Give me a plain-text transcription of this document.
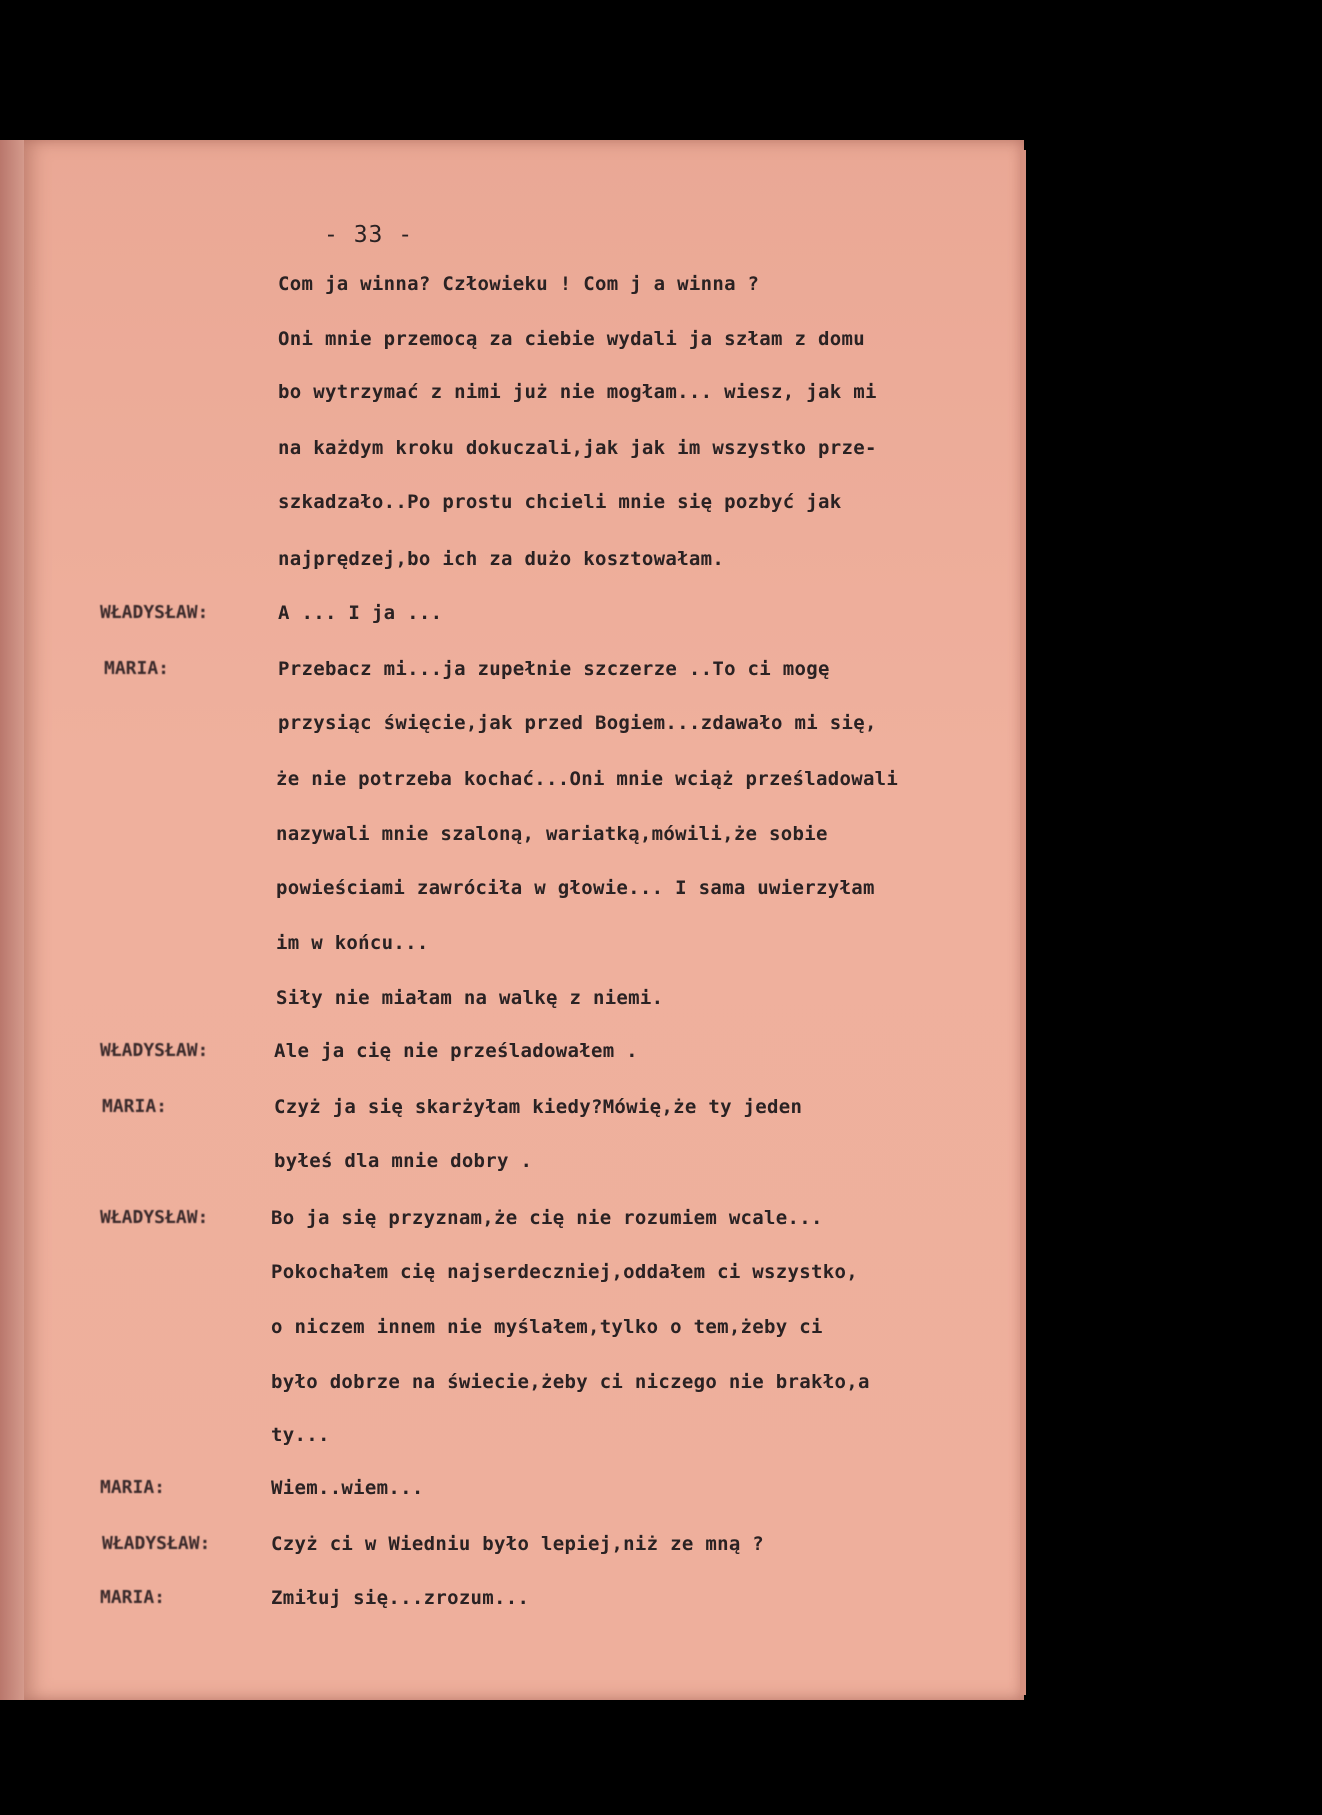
- 33 -
Com ja winna? Człowieku ! Com j a winna ?
Oni mnie przemocą za ciebie wydali ja szłam z domu
bo wytrzymać z nimi już nie mogłam... wiesz, jak mi
na każdym kroku dokuczali,jak jak im wszystko prze-
szkadzało..Po prostu chcieli mnie się pozbyć jak
najprędzej,bo ich za dużo kosztowałam.
WŁADYSŁAW:	A ... I ja ...
MARIA:	Przebacz mi...ja zupełnie szczerze ..To ci mogę
przysiąc święcie,jak przed Bogiem...zdawało mi się,
że nie potrzeba kochać...Oni mnie wciąż prześladowali
nazywali mnie szaloną, wariatką,mówili,że sobie
powieściami zawróciła w głowie... I sama uwierzyłam
im w końcu...
Siły nie miałam na walkę z niemi.
WŁADYSŁAW:	Ale ja cię nie prześladowałem .
MARIA:	Czyż ja się skarżyłam kiedy?Mówię,że ty jeden
byłeś dla mnie dobry .
WŁADYSŁAW:	Bo ja się przyznam,że cię nie rozumiem wcale...
Pokochałem cię najserdeczniej,oddałem ci wszystko,
o niczem innem nie myślałem,tylko o tem,żeby ci
było dobrze na świecie,żeby ci niczego nie brakło,a
ty...
MARIA:	Wiem..wiem...
WŁADYSŁAW:	Czyż ci w Wiedniu było lepiej,niż ze mną ?
MARIA:	Zmiłuj się...zrozum...
